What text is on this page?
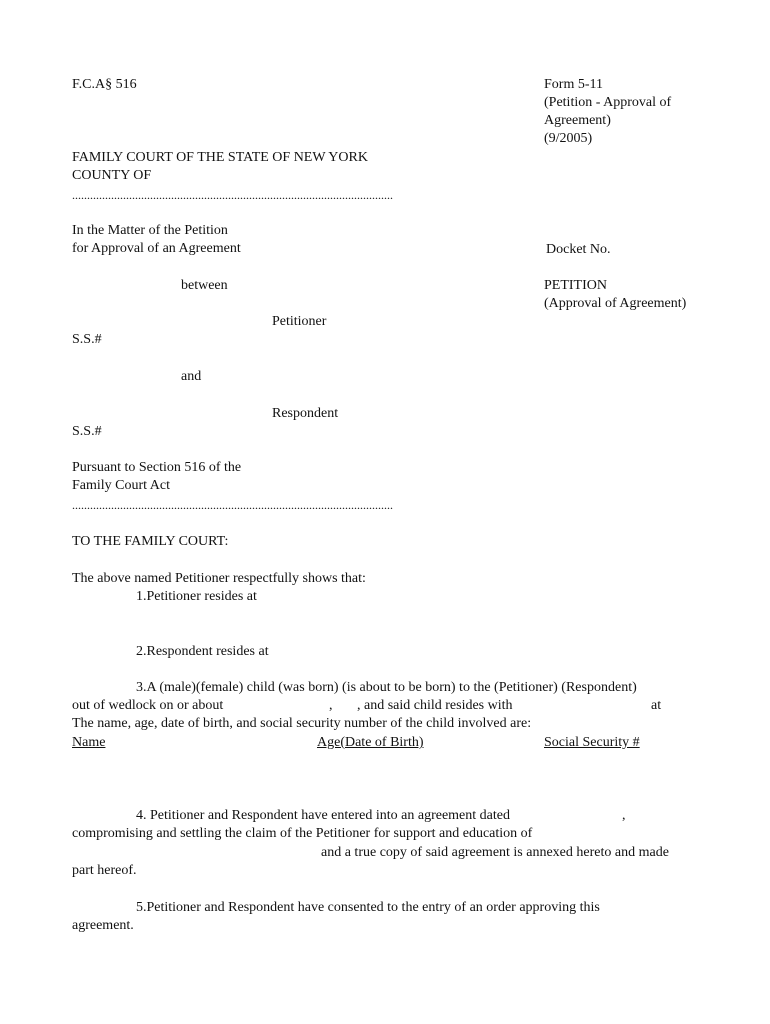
F.C.A§ 516	Form 5-11
(Petition - Approval of
Agreement)
(9/2005)
FAMILY COURT OF THE STATE OF NEW YORK
COUNTY OF
...........................................................................................................
In the Matter of the Petition
for Approval of an Agreement	Docket No.
between	PETITION
(Approval of Agreement)
Petitioner
S.S.#
and
Respondent
S.S.#
Pursuant to Section 516 of the
Family Court Act
...........................................................................................................
TO THE FAMILY COURT:
The above named Petitioner respectfully shows that:
1.Petitioner resides at
2.Respondent resides at
3.A (male)(female) child (was born) (is about to be born) to the (Petitioner) (Respondent)
out of wedlock on or about	, , and said child resides with	at
The name, age, date of birth, and social security number of the child involved are:
Name	Age(Date of Birth)	Social Security #
4. Petitioner and Respondent have entered into an agreement dated	,
compromising and settling the claim of the Petitioner for support and education of
and a true copy of said agreement is annexed hereto and made
part hereof.
5.Petitioner and Respondent have consented to the entry of an order approving this
agreement.
